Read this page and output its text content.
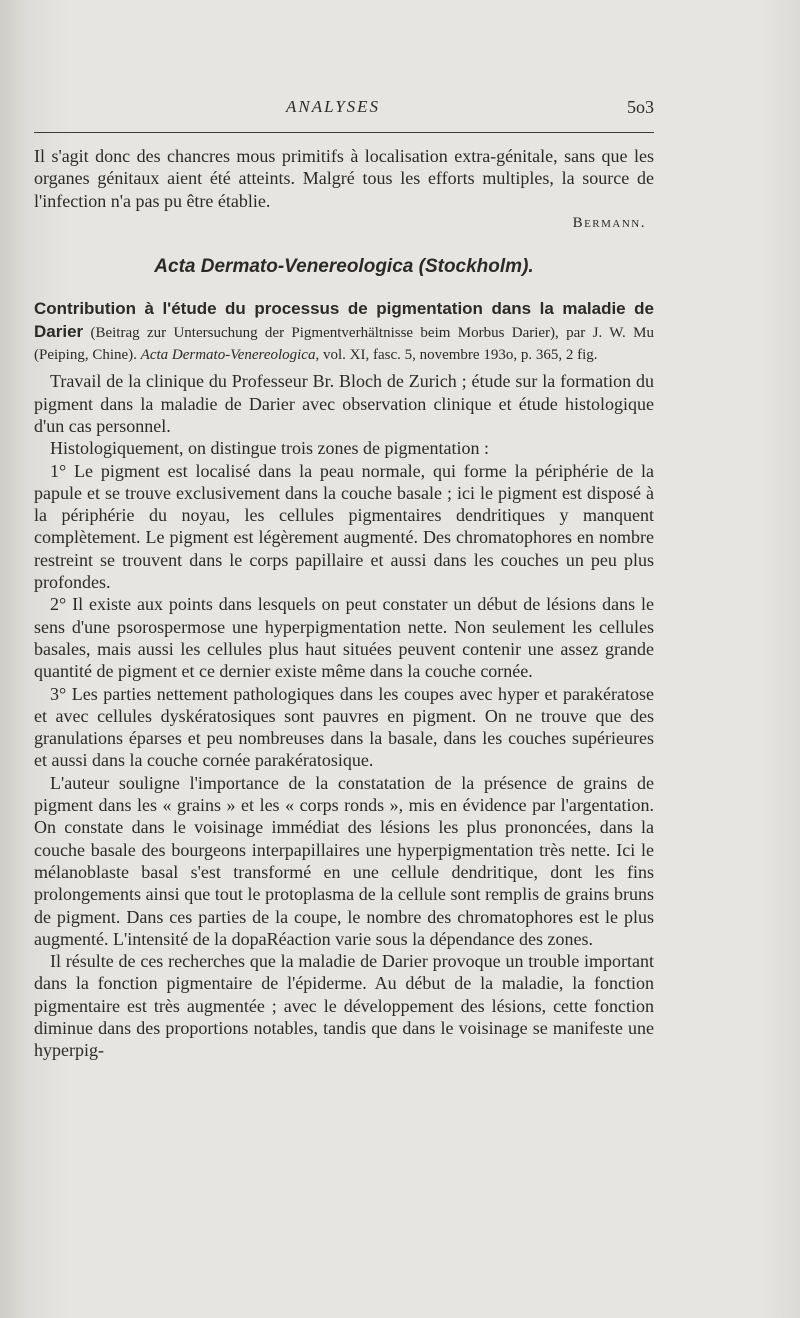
ANALYSES	5o3

Il s'agit donc des chancres mous primitifs à localisation extra-génitale, sans que les organes génitaux aient été atteints. Malgré tous les efforts multiples, la source de l'infection n'a pas pu être établie.

Bermann.
Acta Dermato-Venereologica (Stockholm).

Contribution à l'étude du processus de pigmentation dans la maladie de Darier (Beitrag zur Untersuchung der Pigmentverhältnisse beim Morbus Darier), par J. W. Mu (Peiping, Chine). Acta Dermato-Venereologica, vol. XI, fasc. 5, novembre 193o, p. 365, 2 fig.

Travail de la clinique du Professeur Br. Bloch de Zurich ; étude sur la formation du pigment dans la maladie de Darier avec observation clinique et étude histologique d'un cas personnel.

Histologiquement, on distingue trois zones de pigmentation :

1° Le pigment est localisé dans la peau normale, qui forme la périphérie de la papule et se trouve exclusivement dans la couche basale ; ici le pigment est disposé à la périphérie du noyau, les cellules pigmentaires dendritiques y manquent complètement. Le pigment est légèrement augmenté. Des chromatophores en nombre restreint se trouvent dans le corps papillaire et aussi dans les couches un peu plus profondes.

2° Il existe aux points dans lesquels on peut constater un début de lésions dans le sens d'une psorospermose une hyperpigmentation nette. Non seulement les cellules basales, mais aussi les cellules plus haut situées peuvent contenir une assez grande quantité de pigment et ce dernier existe même dans la couche cornée.

3° Les parties nettement pathologiques dans les coupes avec hyper et parakératose et avec cellules dyskératosiques sont pauvres en pigment. On ne trouve que des granulations éparses et peu nombreuses dans la basale, dans les couches supérieures et aussi dans la couche cornée parakératosique.

L'auteur souligne l'importance de la constatation de la présence de grains de pigment dans les « grains » et les « corps ronds », mis en évidence par l'argentation. On constate dans le voisinage immédiat des lésions les plus prononcées, dans la couche basale des bourgeons interpapillaires une hyperpigmentation très nette. Ici le mélanoblaste basal s'est transformé en une cellule dendritique, dont les fins prolongements ainsi que tout le protoplasma de la cellule sont remplis de grains bruns de pigment. Dans ces parties de la coupe, le nombre des chromatophores est le plus augmenté. L'intensité de la dopaRéaction varie sous la dépendance des zones.

Il résulte de ces recherches que la maladie de Darier provoque un trouble important dans la fonction pigmentaire de l'épiderme. Au début de la maladie, la fonction pigmentaire est très augmentée ; avec le développement des lésions, cette fonction diminue dans des proportions notables, tandis que dans le voisinage se manifeste une hyperpig-
